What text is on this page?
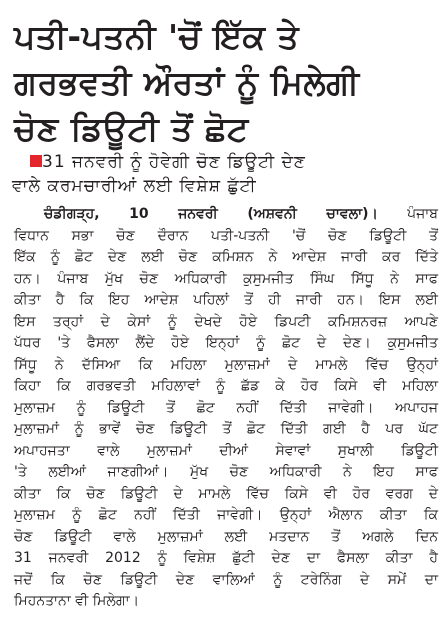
ਪਤੀ-ਪਤਨੀ 'ਚੋਂ ਇੱਕ ਤੇ
ਗਰਭਵਤੀ ਔਰਤਾਂ ਨੂੰ ਮਿਲੇਗੀ
ਚੋਣ ਡਿਊਟੀ ਤੋਂ ਛੋਟ
31 ਜਨਵਰੀ ਨੂੰ ਹੋਵੇਗੀ ਚੋਣ ਡਿਊਟੀ ਦੇਣ
ਵਾਲੇ ਕਰਮਚਾਰੀਆਂ ਲਈ ਵਿਸ਼ੇਸ਼ ਛੁੱਟੀ
ਚੰਡੀਗੜ੍ਹ, 10 ਜਨਵਰੀ (ਅਸ਼ਵਨੀ ਚਾਵਲਾ)। ਪੰਜਾਬ
ਵਿਧਾਨ ਸਭਾ ਚੋਣ ਦੌਰਾਨ ਪਤੀ-ਪਤਨੀ 'ਚੋਂ ਚੋਣ ਡਿਊਟੀ ਤੋਂ
ਇੱਕ ਨੂੰ ਛੋਟ ਦੇਣ ਲਈ ਚੋਣ ਕਮਿਸ਼ਨ ਨੇ ਆਦੇਸ਼ ਜਾਰੀ ਕਰ ਦਿੱਤੇ
ਹਨ। ਪੰਜਾਬ ਮੁੱਖ ਚੋਣ ਅਧਿਕਾਰੀ ਕੁਸੁਮਜੀਤ ਸਿੰਘ ਸਿੱਧੂ ਨੇ ਸਾਫ
ਕੀਤਾ ਹੈ ਕਿ ਇਹ ਆਦੇਸ਼ ਪਹਿਲਾਂ ਤੋਂ ਹੀ ਜਾਰੀ ਹਨ। ਇਸ ਲਈ
ਇਸ ਤਰ੍ਹਾਂ ਦੇ ਕੇਸਾਂ ਨੂੰ ਦੇਖਦੇ ਹੋਏ ਡਿਪਟੀ ਕਮਿਸ਼ਨਰਜ਼ ਆਪਣੇ
ਪੱਧਰ 'ਤੇ ਫੈਸਲਾ ਲੈਂਦੇ ਹੋਏ ਇਨ੍ਹਾਂ ਨੂੰ ਛੋਟ ਦੇ ਦੇਣ। ਕੁਸੁਮਜੀਤ
ਸਿੱਧੂ ਨੇ ਦੱਸਿਆ ਕਿ ਮਹਿਲਾ ਮੁਲਾਜ਼ਮਾਂ ਦੇ ਮਾਮਲੇ ਵਿੱਚ ਉਨ੍ਹਾਂ
ਕਿਹਾ ਕਿ ਗਰਭਵਤੀ ਮਹਿਲਾਵਾਂ ਨੂੰ ਛੱਡ ਕੇ ਹੋਰ ਕਿਸੇ ਵੀ ਮਹਿਲਾ
ਮੁਲਾਜ਼ਮ ਨੂੰ ਡਿਊਟੀ ਤੋਂ ਛੋਟ ਨਹੀਂ ਦਿੱਤੀ ਜਾਵੇਗੀ। ਅਪਾਹਜ
ਮੁਲਾਜ਼ਮਾਂ ਨੂੰ ਭਾਵੇਂ ਚੋਣ ਡਿਊਟੀ ਤੋਂ ਛੋਟ ਦਿੱਤੀ ਗਈ ਹੈ ਪਰ ਘੱਟ
ਅਪਾਹਜਤਾ ਵਾਲੇ ਮੁਲਾਜ਼ਮਾਂ ਦੀਆਂ ਸੇਵਾਵਾਂ ਸੁਖਾਲੀ ਡਿਊਟੀ
'ਤੇ ਲਈਆਂ ਜਾਣਗੀਆਂ। ਮੁੱਖ ਚੋਣ ਅਧਿਕਾਰੀ ਨੇ ਇਹ ਸਾਫ
ਕੀਤਾ ਕਿ ਚੋਣ ਡਿਊਟੀ ਦੇ ਮਾਮਲੇ ਵਿੱਚ ਕਿਸੇ ਵੀ ਹੋਰ ਵਰਗ ਦੇ
ਮੁਲਾਜ਼ਮ ਨੂੰ ਛੋਟ ਨਹੀਂ ਦਿੱਤੀ ਜਾਵੇਗੀ। ਉਨ੍ਹਾਂ ਐਲਾਨ ਕੀਤਾ ਕਿ
ਚੋਣ ਡਿਊਟੀ ਵਾਲੇ ਮੁਲਾਜ਼ਮਾਂ ਲਈ ਮਤਦਾਨ ਤੋਂ ਅਗਲੇ ਦਿਨ
31 ਜਨਵਰੀ 2012 ਨੂੰ ਵਿਸ਼ੇਸ਼ ਛੁੱਟੀ ਦੇਣ ਦਾ ਫੈਸਲਾ ਕੀਤਾ ਹੈ
ਜਦੋਂ ਕਿ ਚੋਣ ਡਿਊਟੀ ਦੇਣ ਵਾਲਿਆਂ ਨੂੰ ਟਰੇਨਿੰਗ ਦੇ ਸਮੇਂ ਦਾ
ਮਿਹਨਤਾਨਾ ਵੀ ਮਿਲੇਗਾ।
